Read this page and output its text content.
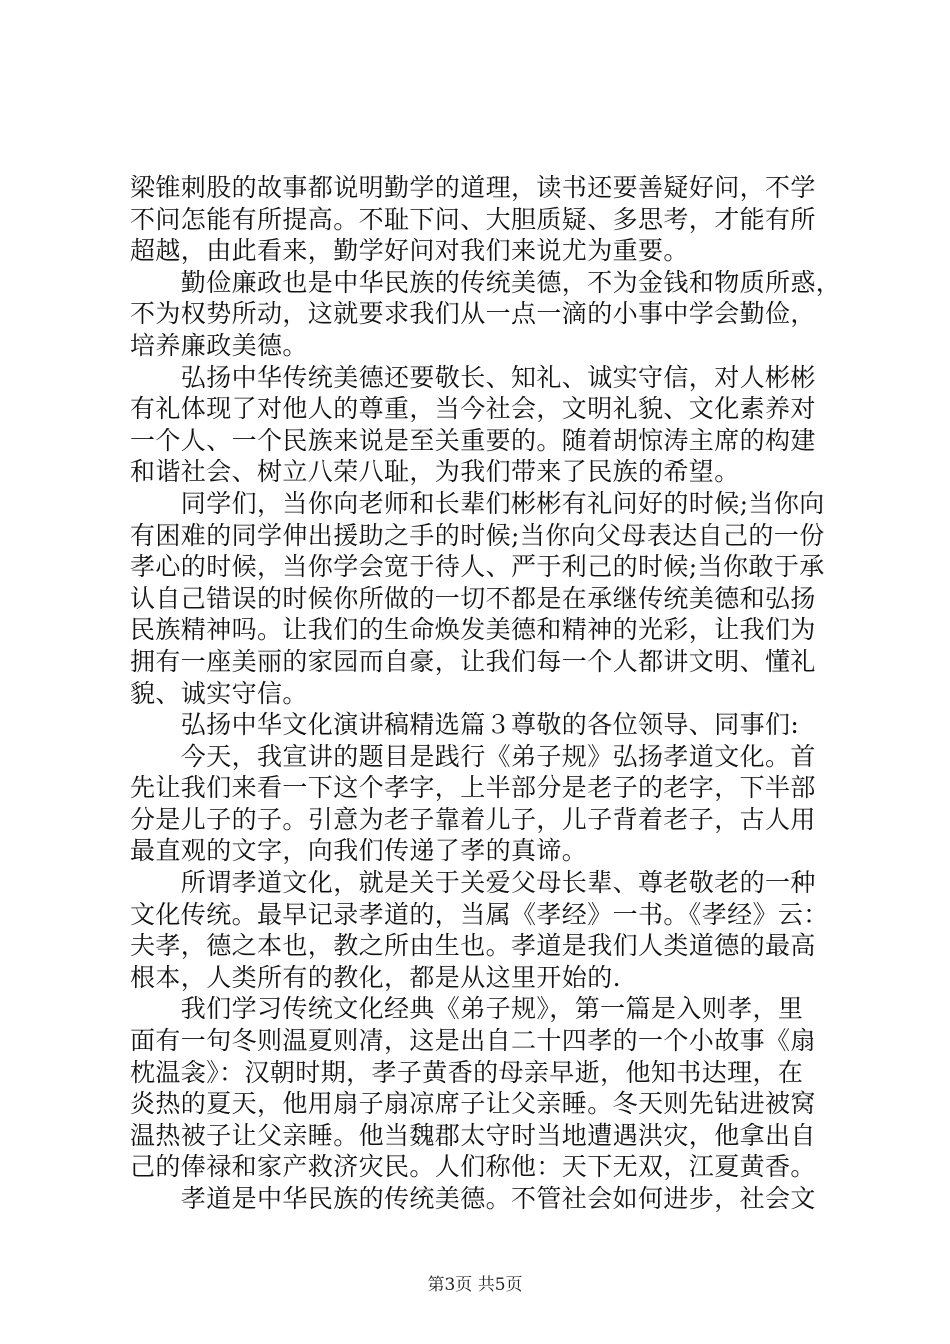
梁锥刺股的故事都说明勤学的道理，读书还要善疑好问，不学
不问怎能有所提高。不耻下问、大胆质疑、多思考，才能有所
超越，由此看来，勤学好问对我们来说尤为重要。
　　勤俭廉政也是中华民族的传统美德，不为金钱和物质所惑，
不为权势所动，这就要求我们从一点一滴的小事中学会勤俭，
培养廉政美德。
　　弘扬中华传统美德还要敬长、知礼、诚实守信，对人彬彬
有礼体现了对他人的尊重，当今社会，文明礼貌、文化素养对
一个人、一个民族来说是至关重要的。随着胡惊涛主席的构建
和谐社会、树立八荣八耻，为我们带来了民族的希望。
　　同学们，当你向老师和长辈们彬彬有礼问好的时候;当你向
有困难的同学伸出援助之手的时候;当你向父母表达自己的一份
孝心的时候，当你学会宽于待人、严于利己的时候;当你敢于承
认自己错误的时候你所做的一切不都是在承继传统美德和弘扬
民族精神吗。让我们的生命焕发美德和精神的光彩，让我们为
拥有一座美丽的家园而自豪，让我们每一个人都讲文明、懂礼
貌、诚实守信。
　　弘扬中华文化演讲稿精选篇３尊敬的各位领导、同事们:
　　今天，我宣讲的题目是践行《弟子规》弘扬孝道文化。首
先让我们来看一下这个孝字，上半部分是老子的老字，下半部
分是儿子的子。引意为老子靠着儿子，儿子背着老子，古人用
最直观的文字，向我们传递了孝的真谛。
　　所谓孝道文化，就是关于关爱父母长辈、尊老敬老的一种
文化传统。最早记录孝道的，当属《孝经》一书。《孝经》云：
夫孝，德之本也，教之所由生也。孝道是我们人类道德的最高
根本，人类所有的教化，都是从这里开始的.
　　我们学习传统文化经典《弟子规》，第一篇是入则孝，里
面有一句冬则温夏则凊，这是出自二十四孝的一个小故事《扇
枕温衾》：汉朝时期，孝子黄香的母亲早逝，他知书达理，在
炎热的夏天，他用扇子扇凉席子让父亲睡。冬天则先钻进被窝
温热被子让父亲睡。他当魏郡太守时当地遭遇洪灾，他拿出自
己的俸禄和家产救济灾民。人们称他：天下无双，江夏黄香。
　　孝道是中华民族的传统美德。不管社会如何进步，社会文
第3页 共5页
